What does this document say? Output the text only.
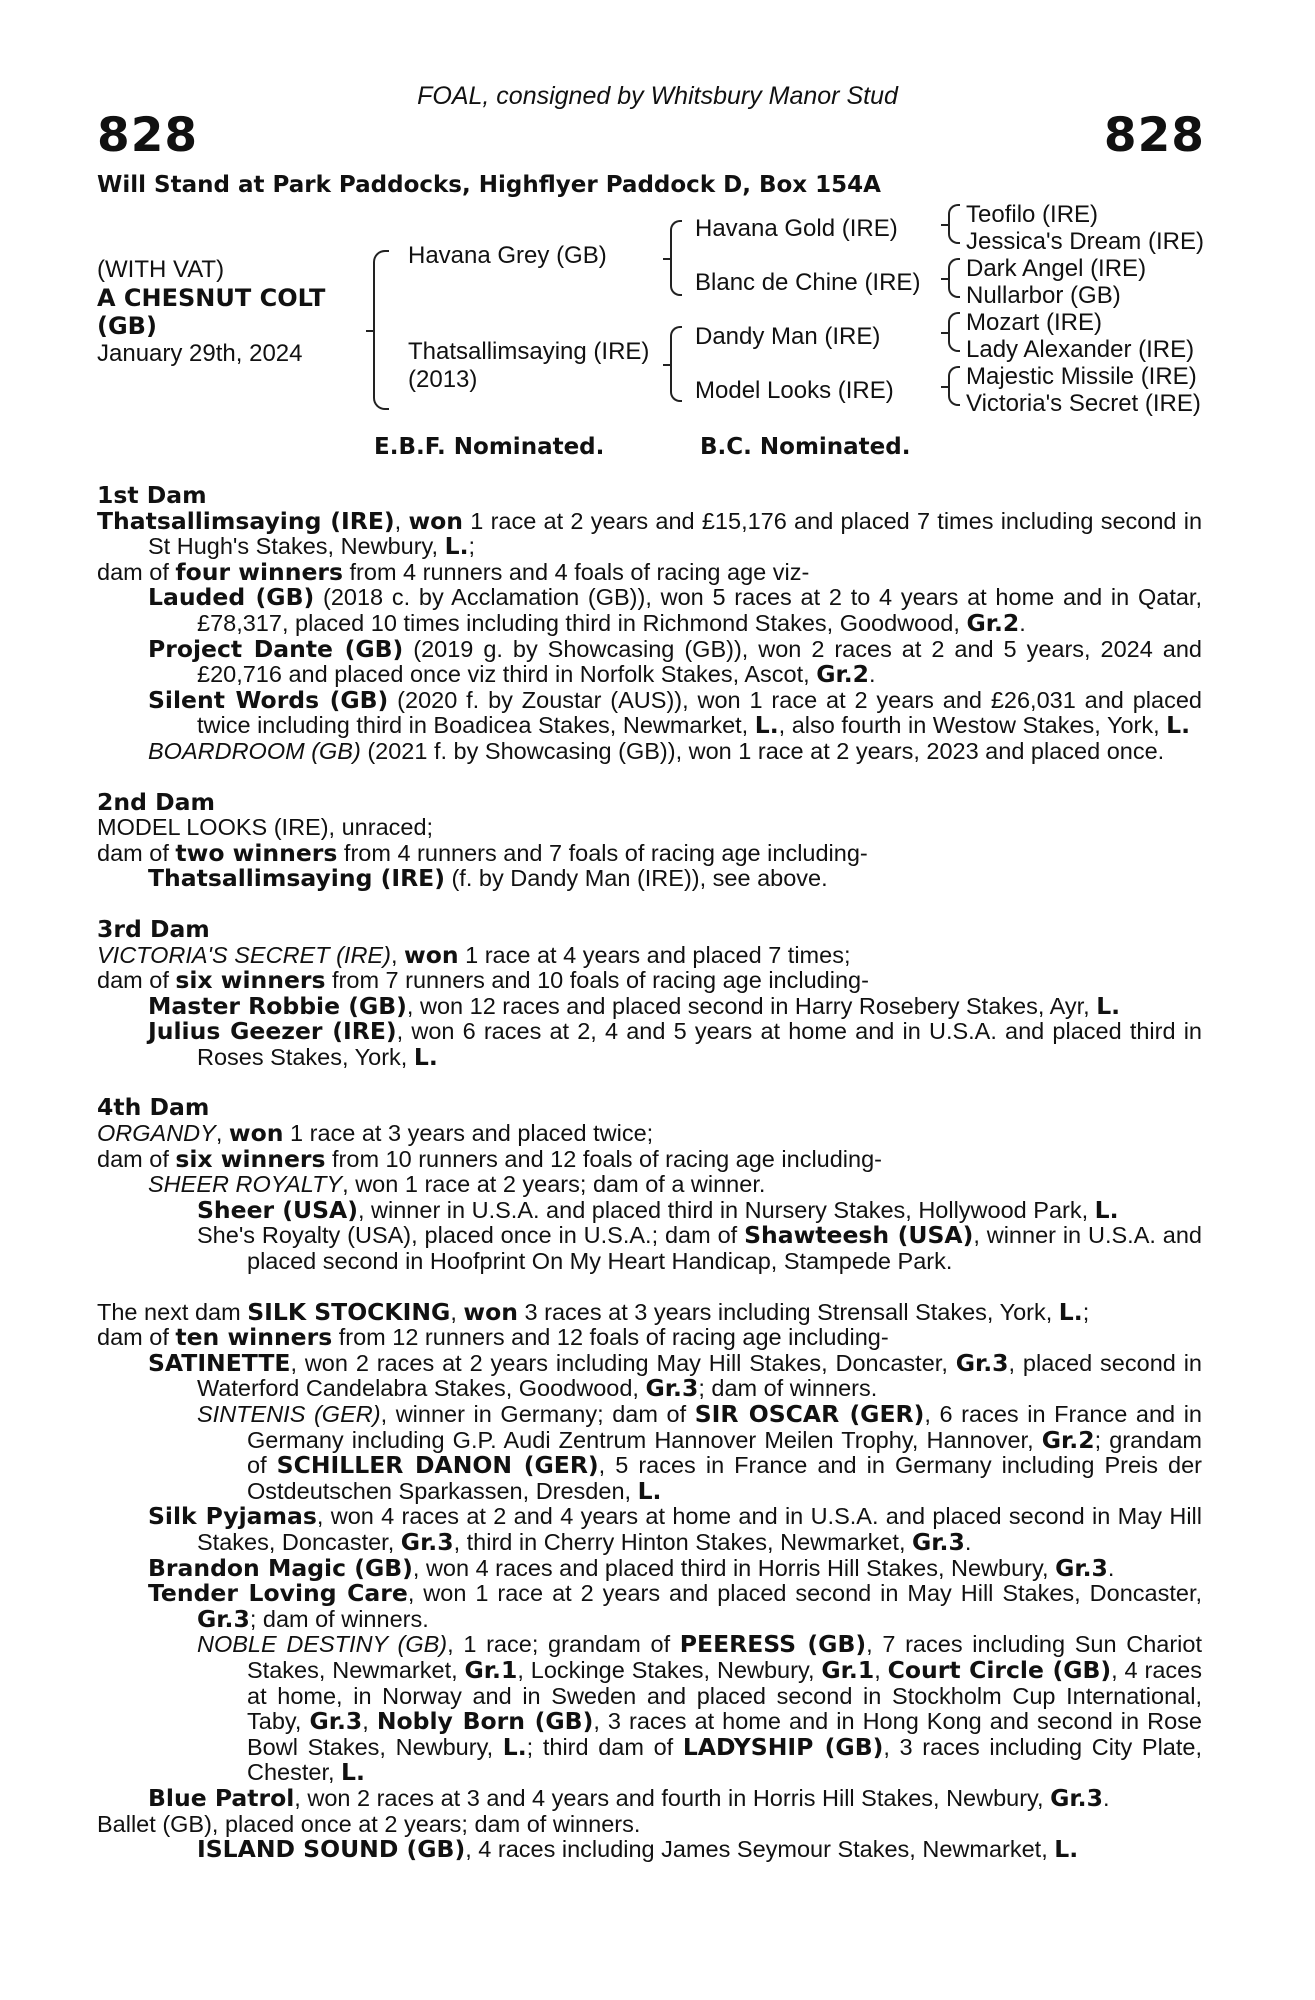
828	828
FOAL, consigned by Whitsbury Manor Stud
Will Stand at Park Paddocks, Highflyer Paddock D, Box 154A
(WITH VAT)
A CHESNUT COLT
(GB)
January 29th, 2024
Havana Grey (GB)
Thatsallimsaying (IRE)
(2013)
Havana Gold (IRE)
Blanc de Chine (IRE)
Dandy Man (IRE)
Model Looks (IRE)
Teofilo (IRE)
Jessica's Dream (IRE)
Dark Angel (IRE)
Nullarbor (GB)
Mozart (IRE)
Lady Alexander (IRE)
Majestic Missile (IRE)
Victoria's Secret (IRE)
E.B.F. Nominated.	B.C. Nominated.

1st Dam

Thatsallimsaying (IRE), won 1 race at 2 years and £15,176 and placed 7 times including second in St Hugh's Stakes, Newbury, L.;

dam of four winners from 4 runners and 4 foals of racing age viz-

Lauded (GB) (2018 c. by Acclamation (GB)), won 5 races at 2 to 4 years at home and in Qatar, £78,317, placed 10 times including third in Richmond Stakes, Goodwood, Gr.2.

Project Dante (GB) (2019 g. by Showcasing (GB)), won 2 races at 2 and 5 years, 2024 and £20,716 and placed once viz third in Norfolk Stakes, Ascot, Gr.2.

Silent Words (GB) (2020 f. by Zoustar (AUS)), won 1 race at 2 years and £26,031 and placed twice including third in Boadicea Stakes, Newmarket, L., also fourth in Westow Stakes, York, L.

BOARDROOM (GB) (2021 f. by Showcasing (GB)), won 1 race at 2 years, 2023 and placed once.

2nd Dam

MODEL LOOKS (IRE), unraced;

dam of two winners from 4 runners and 7 foals of racing age including-

Thatsallimsaying (IRE) (f. by Dandy Man (IRE)), see above.

3rd Dam

VICTORIA'S SECRET (IRE), won 1 race at 4 years and placed 7 times;

dam of six winners from 7 runners and 10 foals of racing age including-

Master Robbie (GB), won 12 races and placed second in Harry Rosebery Stakes, Ayr, L.

Julius Geezer (IRE), won 6 races at 2, 4 and 5 years at home and in U.S.A. and placed third in Roses Stakes, York, L.

4th Dam

ORGANDY, won 1 race at 3 years and placed twice;

dam of six winners from 10 runners and 12 foals of racing age including-

SHEER ROYALTY, won 1 race at 2 years; dam of a winner.

Sheer (USA), winner in U.S.A. and placed third in Nursery Stakes, Hollywood Park, L.

She's Royalty (USA), placed once in U.S.A.; dam of Shawteesh (USA), winner in U.S.A. and placed second in Hoofprint On My Heart Handicap, Stampede Park.

The next dam SILK STOCKING, won 3 races at 3 years including Strensall Stakes, York, L.;

dam of ten winners from 12 runners and 12 foals of racing age including-

SATINETTE, won 2 races at 2 years including May Hill Stakes, Doncaster, Gr.3, placed second in Waterford Candelabra Stakes, Goodwood, Gr.3; dam of winners.

SINTENIS (GER), winner in Germany; dam of SIR OSCAR (GER), 6 races in France and in Germany including G.P. Audi Zentrum Hannover Meilen Trophy, Hannover, Gr.2; grandam of SCHILLER DANON (GER), 5 races in France and in Germany including Preis der Ostdeutschen Sparkassen, Dresden, L.

Silk Pyjamas, won 4 races at 2 and 4 years at home and in U.S.A. and placed second in May Hill Stakes, Doncaster, Gr.3, third in Cherry Hinton Stakes, Newmarket, Gr.3.

Brandon Magic (GB), won 4 races and placed third in Horris Hill Stakes, Newbury, Gr.3.

Tender Loving Care, won 1 race at 2 years and placed second in May Hill Stakes, Doncaster, Gr.3; dam of winners.

NOBLE DESTINY (GB), 1 race; grandam of PEERESS (GB), 7 races including Sun Chariot Stakes, Newmarket, Gr.1, Lockinge Stakes, Newbury, Gr.1, Court Circle (GB), 4 races at home, in Norway and in Sweden and placed second in Stockholm Cup International, Taby, Gr.3, Nobly Born (GB), 3 races at home and in Hong Kong and second in Rose Bowl Stakes, Newbury, L.; third dam of LADYSHIP (GB), 3 races including City Plate, Chester, L.

Blue Patrol, won 2 races at 3 and 4 years and fourth in Horris Hill Stakes, Newbury, Gr.3.

Ballet (GB), placed once at 2 years; dam of winners.

ISLAND SOUND (GB), 4 races including James Seymour Stakes, Newmarket, L.
